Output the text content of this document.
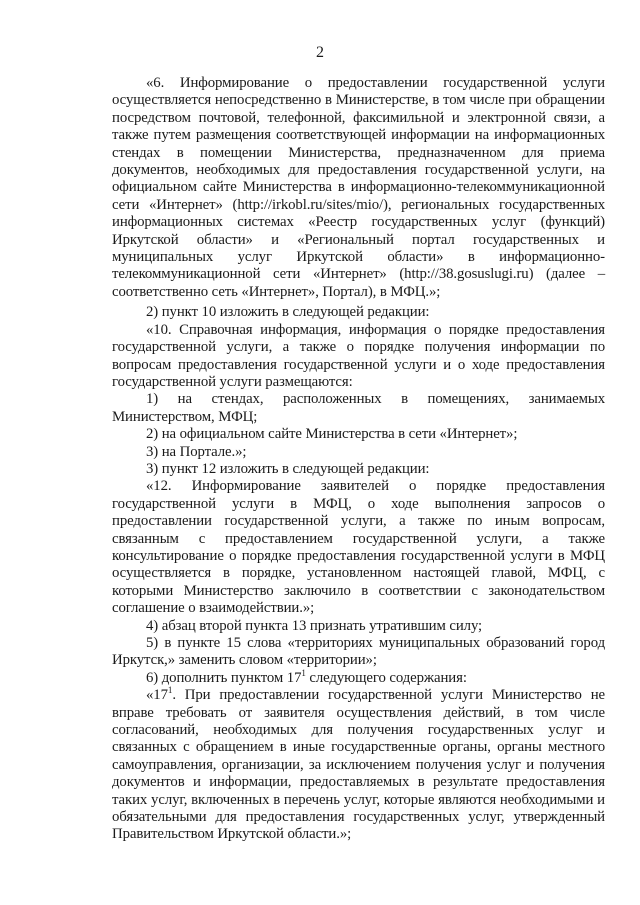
2

«6. Информирование о предоставлении государственной услуги осуществляется непосредственно в Министерстве, в том числе при обращении посредством почтовой, телефонной, факсимильной и электронной связи, а также путем размещения соответствующей информации на информационных стендах в помещении Министерства, предназначенном для приема документов, необходимых для предоставления государственной услуги, на официальном сайте Министерства в информационно-телекоммуникационной сети «Интернет» (http://irkobl.ru/sites/mio/), региональных государственных информационных системах «Реестр государственных услуг (функций) Иркутской области» и «Региональный портал государственных и муниципальных услуг Иркутской области» в информационно-телекоммуникационной сети «Интернет» (http://38.gosuslugi.ru) (далее – соответственно сеть «Интернет», Портал), в МФЦ.»;

2) пункт 10 изложить в следующей редакции:

«10. Справочная информация, информация о порядке предоставления государственной услуги, а также о порядке получения информации по вопросам предоставления государственной услуги и о ходе предоставления государственной услуги размещаются:

1) на стендах, расположенных в помещениях, занимаемых Министерством, МФЦ;

2) на официальном сайте Министерства в сети «Интернет»;

3) на Портале.»;

3) пункт 12 изложить в следующей редакции:

«12. Информирование заявителей о порядке предоставления государственной услуги в МФЦ, о ходе выполнения запросов о предоставлении государственной услуги, а также по иным вопросам, связанным с предоставлением государственной услуги, а также консультирование о порядке предоставления государственной услуги в МФЦ осуществляется в порядке, установленном настоящей главой, МФЦ, с которыми Министерство заключило в соответствии с законодательством соглашение о взаимодействии.»;

4) абзац второй пункта 13 признать утратившим силу;

5) в пункте 15 слова «территориях муниципальных образований город Иркутск,» заменить словом «территории»;

6) дополнить пунктом $17^1$ следующего содержания:

«$17^1$. При предоставлении государственной услуги Министерство не вправе требовать от заявителя осуществления действий, в том числе согласований, необходимых для получения государственных услуг и связанных с обращением в иные государственные органы, органы местного самоуправления, организации, за исключением получения услуг и получения документов и информации, предоставляемых в результате предоставления таких услуг, включенных в перечень услуг, которые являются необходимыми и обязательными для предоставления государственных услуг, утвержденный Правительством Иркутской области.»;
